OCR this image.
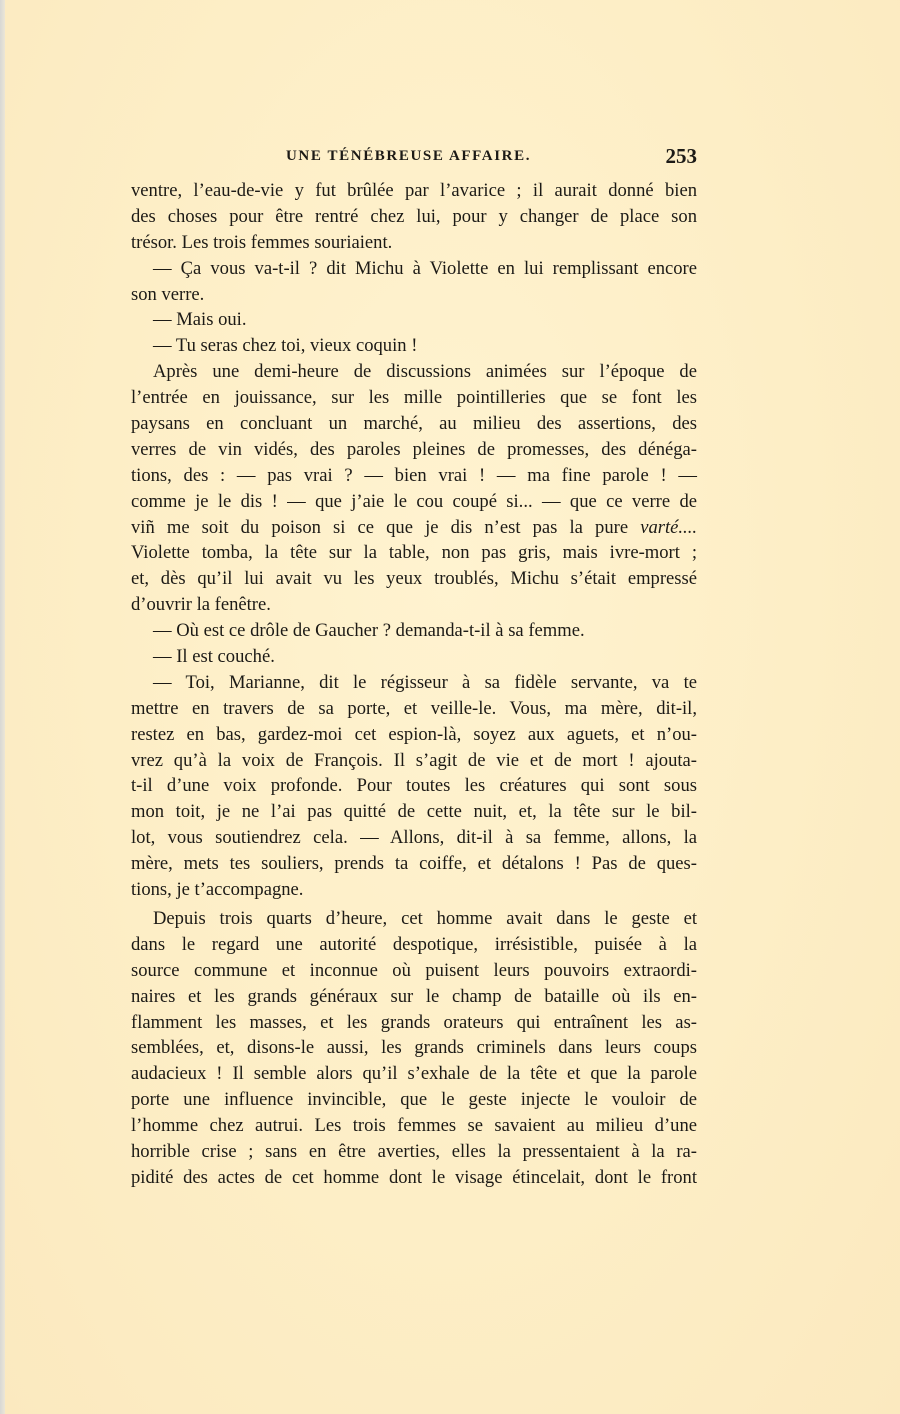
UNE TÉNÉBREUSE AFFAIRE.	253
ventre, l’eau-de-vie y fut brûlée par l’avarice ; il aurait donné bien
des choses pour être rentré chez lui, pour y changer de place son
trésor. Les trois femmes souriaient.
— Ça vous va-t-il ? dit Michu à Violette en lui remplissant encore
son verre.
— Mais oui.
— Tu seras chez toi, vieux coquin !
Après une demi-heure de discussions animées sur l’époque de
l’entrée en jouissance, sur les mille pointilleries que se font les
paysans en concluant un marché, au milieu des assertions, des
verres de vin vidés, des paroles pleines de promesses, des dénéga-
tions, des : — pas vrai ? — bien vrai ! — ma fine parole ! —
comme je le dis ! — que j’aie le cou coupé si... — que ce verre de
viñ me soit du poison si ce que je dis n’est pas la pure varté....
Violette tomba, la tête sur la table, non pas gris, mais ivre-mort ;
et, dès qu’il lui avait vu les yeux troublés, Michu s’était empressé
d’ouvrir la fenêtre.
— Où est ce drôle de Gaucher ? demanda-t-il à sa femme.
— Il est couché.
— Toi, Marianne, dit le régisseur à sa fidèle servante, va te
mettre en travers de sa porte, et veille-le. Vous, ma mère, dit-il,
restez en bas, gardez-moi cet espion-là, soyez aux aguets, et n’ou-
vrez qu’à la voix de François. Il s’agit de vie et de mort ! ajouta-
t-il d’une voix profonde. Pour toutes les créatures qui sont sous
mon toit, je ne l’ai pas quitté de cette nuit, et, la tête sur le bil-
lot, vous soutiendrez cela. — Allons, dit-il à sa femme, allons, la
mère, mets tes souliers, prends ta coiffe, et détalons ! Pas de ques-
tions, je t’accompagne.
Depuis trois quarts d’heure, cet homme avait dans le geste et
dans le regard une autorité despotique, irrésistible, puisée à la
source commune et inconnue où puisent leurs pouvoirs extraordi-
naires et les grands généraux sur le champ de bataille où ils en-
flamment les masses, et les grands orateurs qui entraînent les as-
semblées, et, disons-le aussi, les grands criminels dans leurs coups
audacieux ! Il semble alors qu’il s’exhale de la tête et que la parole
porte une influence invincible, que le geste injecte le vouloir de
l’homme chez autrui. Les trois femmes se savaient au milieu d’une
horrible crise ; sans en être averties, elles la pressentaient à la ra-
pidité des actes de cet homme dont le visage étincelait, dont le front
